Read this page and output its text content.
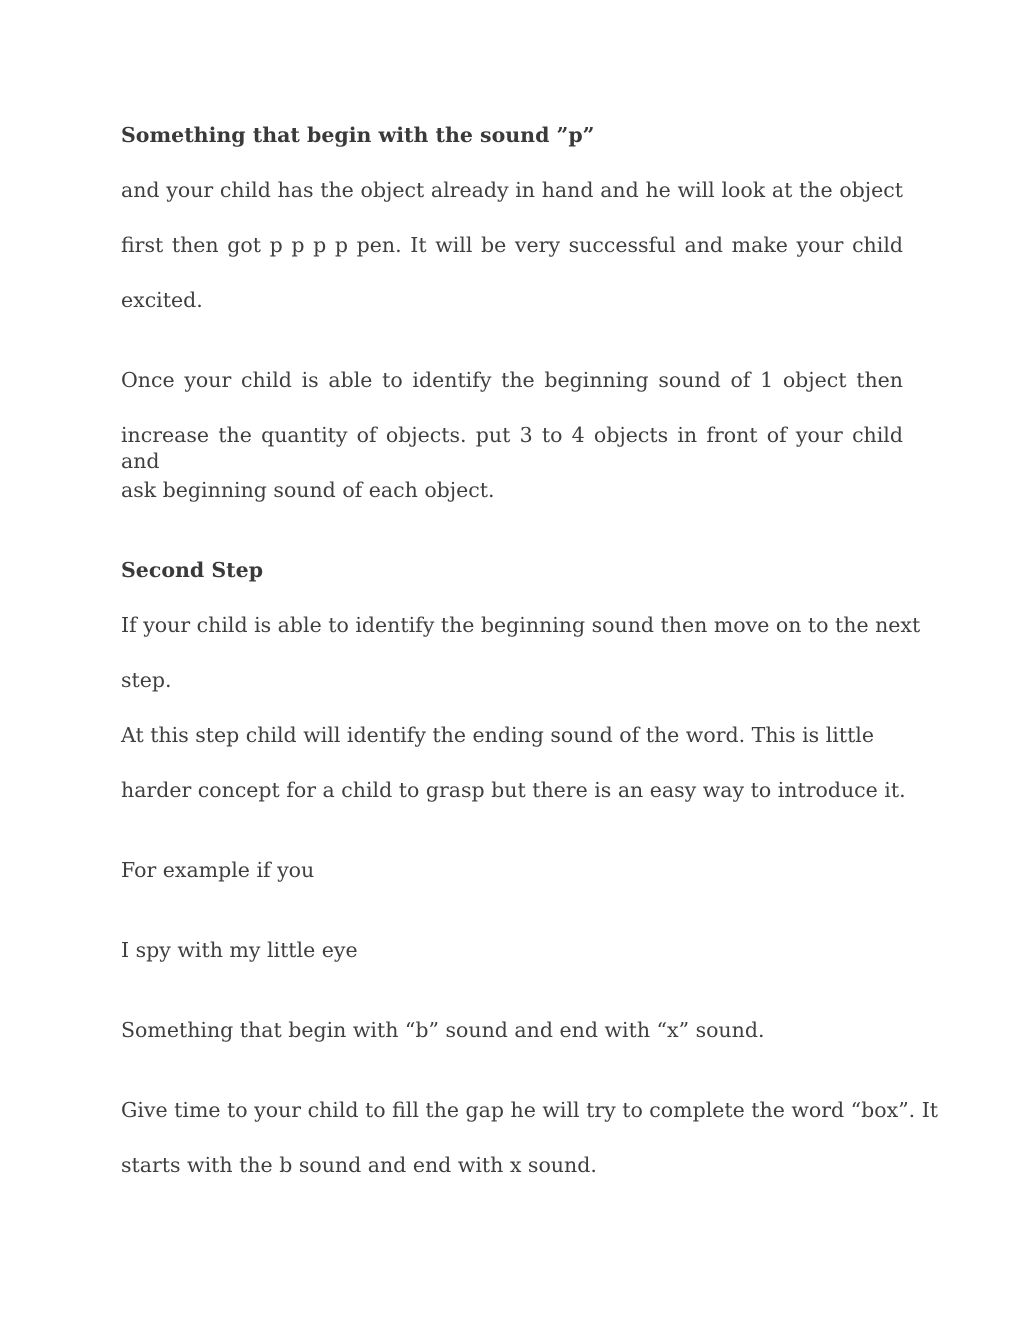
Something that begin with the sound ”p”
and your child has the object already in hand and he will look at the object
first then got p p p p pen. It will be very successful and make your child
excited.
Once your child is able to identify the beginning sound of 1 object then
increase the quantity of objects. put 3 to 4 objects in front of your child and
ask beginning sound of each object.
Second Step
If your child is able to identify the beginning sound then move on to the next
step.
At this step child will identify the ending sound of the word. This is little
harder concept for a child to grasp but there is an easy way to introduce it.
For example if you
I spy with my little eye
Something that begin with “b” sound and end with “x” sound.
Give time to your child to fill the gap he will try to complete the word “box”. It
starts with the b sound and end with x sound.
